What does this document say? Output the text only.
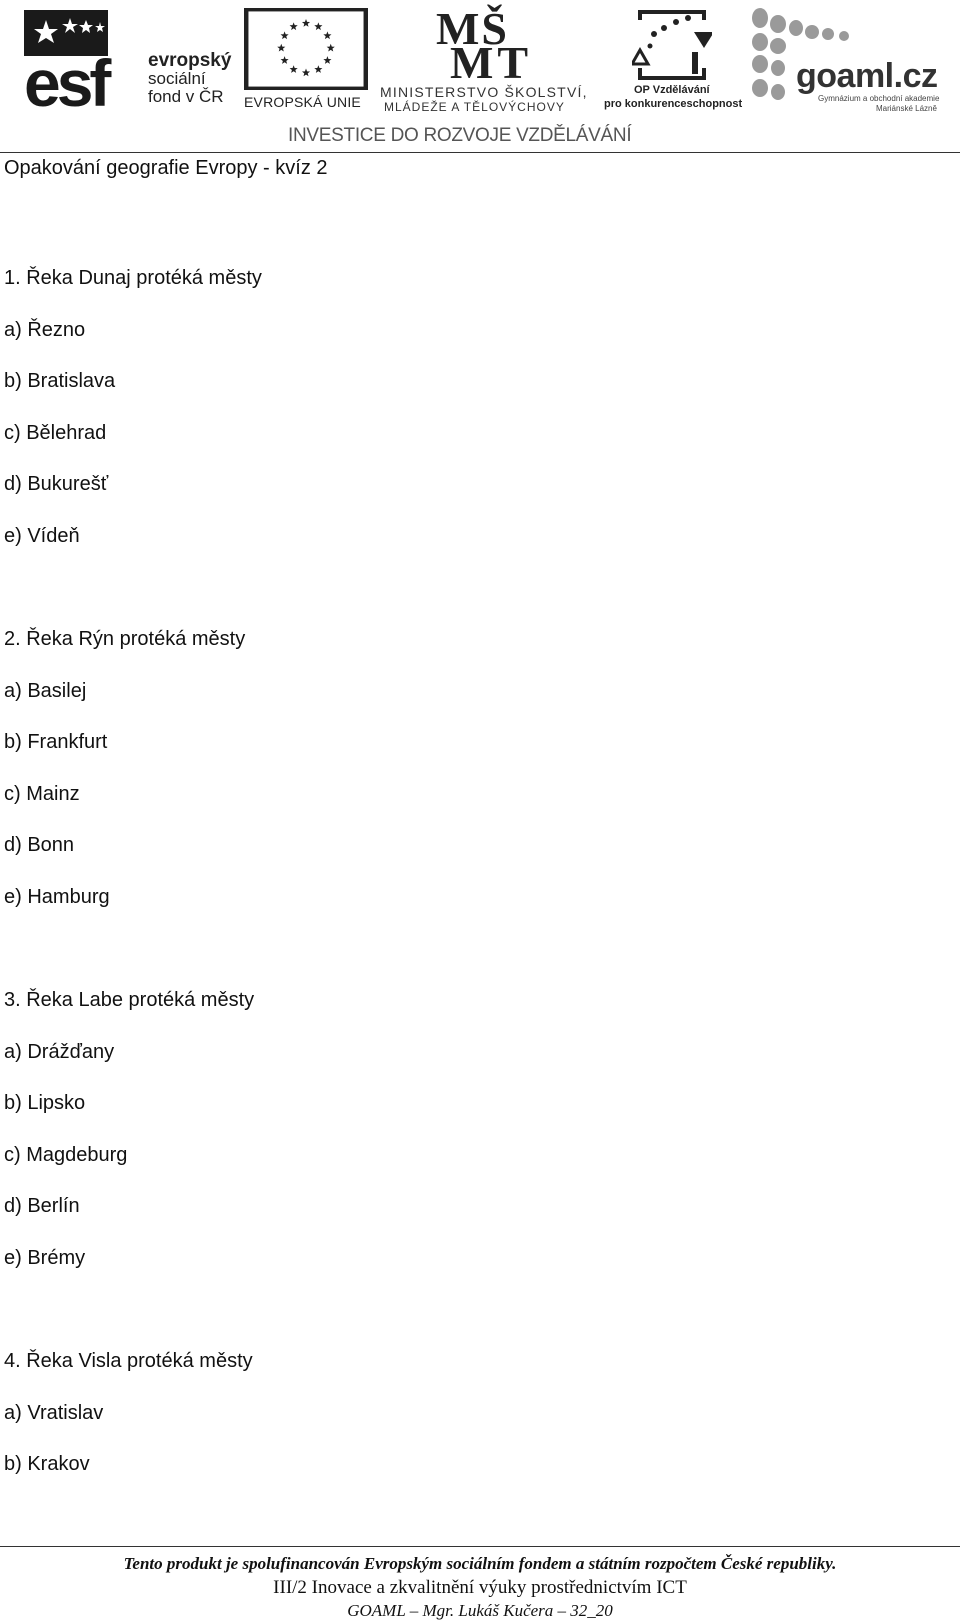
esf evropský
sociální
fond v ČR	EVROPSKÁ UNIE
MŠ
MT
MINISTERSTVO ŠKOLSTVÍ,
MLÁDEŽE A TĚLOVÝCHOVY
OP Vzdělávání
pro konkurenceschopnost
goaml.cz
Gymnázium a obchodní akademie
Mariánské Lázně
INVESTICE DO ROZVOJE VZDĚLÁVÁNÍ
Opakování geografie Evropy - kvíz 2
1. Řeka Dunaj protéká městy
a) Řezno
b) Bratislava
c) Bělehrad
d) Bukurešť
e) Vídeň
2. Řeka Rýn protéká městy
a) Basilej
b) Frankfurt
c) Mainz
d) Bonn
e) Hamburg
3. Řeka Labe protéká městy
a) Drážďany
b) Lipsko
c) Magdeburg
d) Berlín
e) Brémy
4. Řeka Visla protéká městy
a) Vratislav
b) Krakov
Tento produkt je spolufinancován Evropským sociálním fondem a státním rozpočtem České republiky.
III/2 Inovace a zkvalitnění výuky prostřednictvím ICT
GOAML – Mgr. Lukáš Kučera – 32_20
